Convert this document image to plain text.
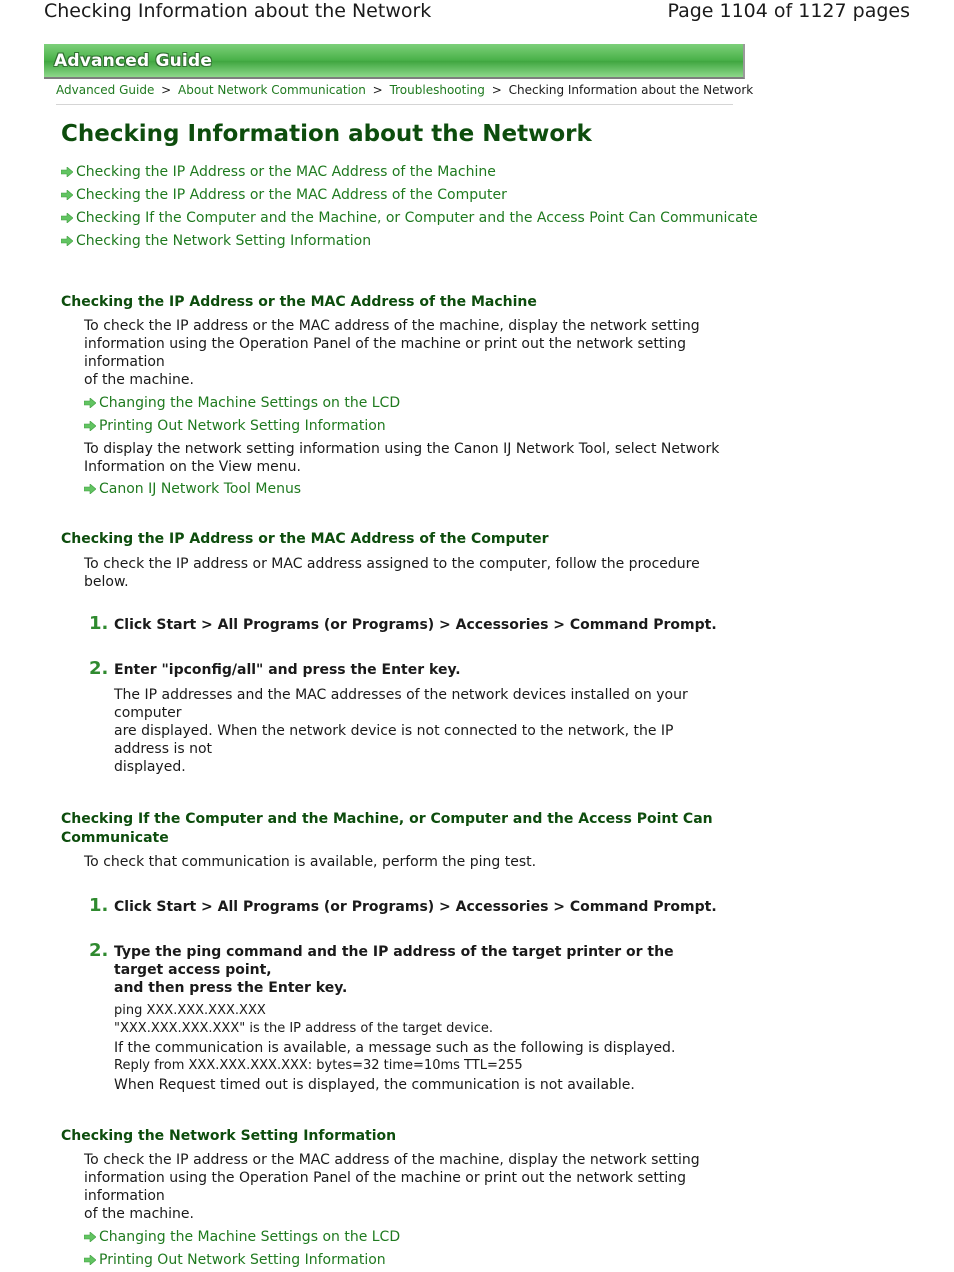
Checking Information about the Network	Page 1104 of 1127 pages
Advanced Guide
Advanced Guide > About Network Communication > Troubleshooting > Checking Information about the Network
Checking Information about the Network
Checking the IP Address or the MAC Address of the Machine
Checking the IP Address or the MAC Address of the Computer
Checking If the Computer and the Machine, or Computer and the Access Point Can Communicate
Checking the Network Setting Information
Checking the IP Address or the MAC Address of the Machine

To check the IP address or the MAC address of the machine, display the network setting
information using the Operation Panel of the machine or print out the network setting information
of the machine.

Changing the Machine Settings on the LCD
Printing Out Network Setting Information

To display the network setting information using the Canon IJ Network Tool, select Network
Information on the View menu.

Canon IJ Network Tool Menus
Checking the IP Address or the MAC Address of the Computer

To check the IP address or MAC address assigned to the computer, follow the procedure below.

1. Click Start > All Programs (or Programs) > Accessories > Command Prompt.
2. Enter "ipconfig/all" and press the Enter key.
The IP addresses and the MAC addresses of the network devices installed on your computer
are displayed. When the network device is not connected to the network, the IP address is not
displayed.
Checking If the Computer and the Machine, or Computer and the Access Point Can
Communicate

To check that communication is available, perform the ping test.

1. Click Start > All Programs (or Programs) > Accessories > Command Prompt.
2. Type the ping command and the IP address of the target printer or the target access point,
and then press the Enter key.
ping XXX.XXX.XXX.XXX
"XXX.XXX.XXX.XXX" is the IP address of the target device.
If the communication is available, a message such as the following is displayed.
Reply from XXX.XXX.XXX.XXX: bytes=32 time=10ms TTL=255
When Request timed out is displayed, the communication is not available.
Checking the Network Setting Information

To check the IP address or the MAC address of the machine, display the network setting
information using the Operation Panel of the machine or print out the network setting information
of the machine.

Changing the Machine Settings on the LCD
Printing Out Network Setting Information
